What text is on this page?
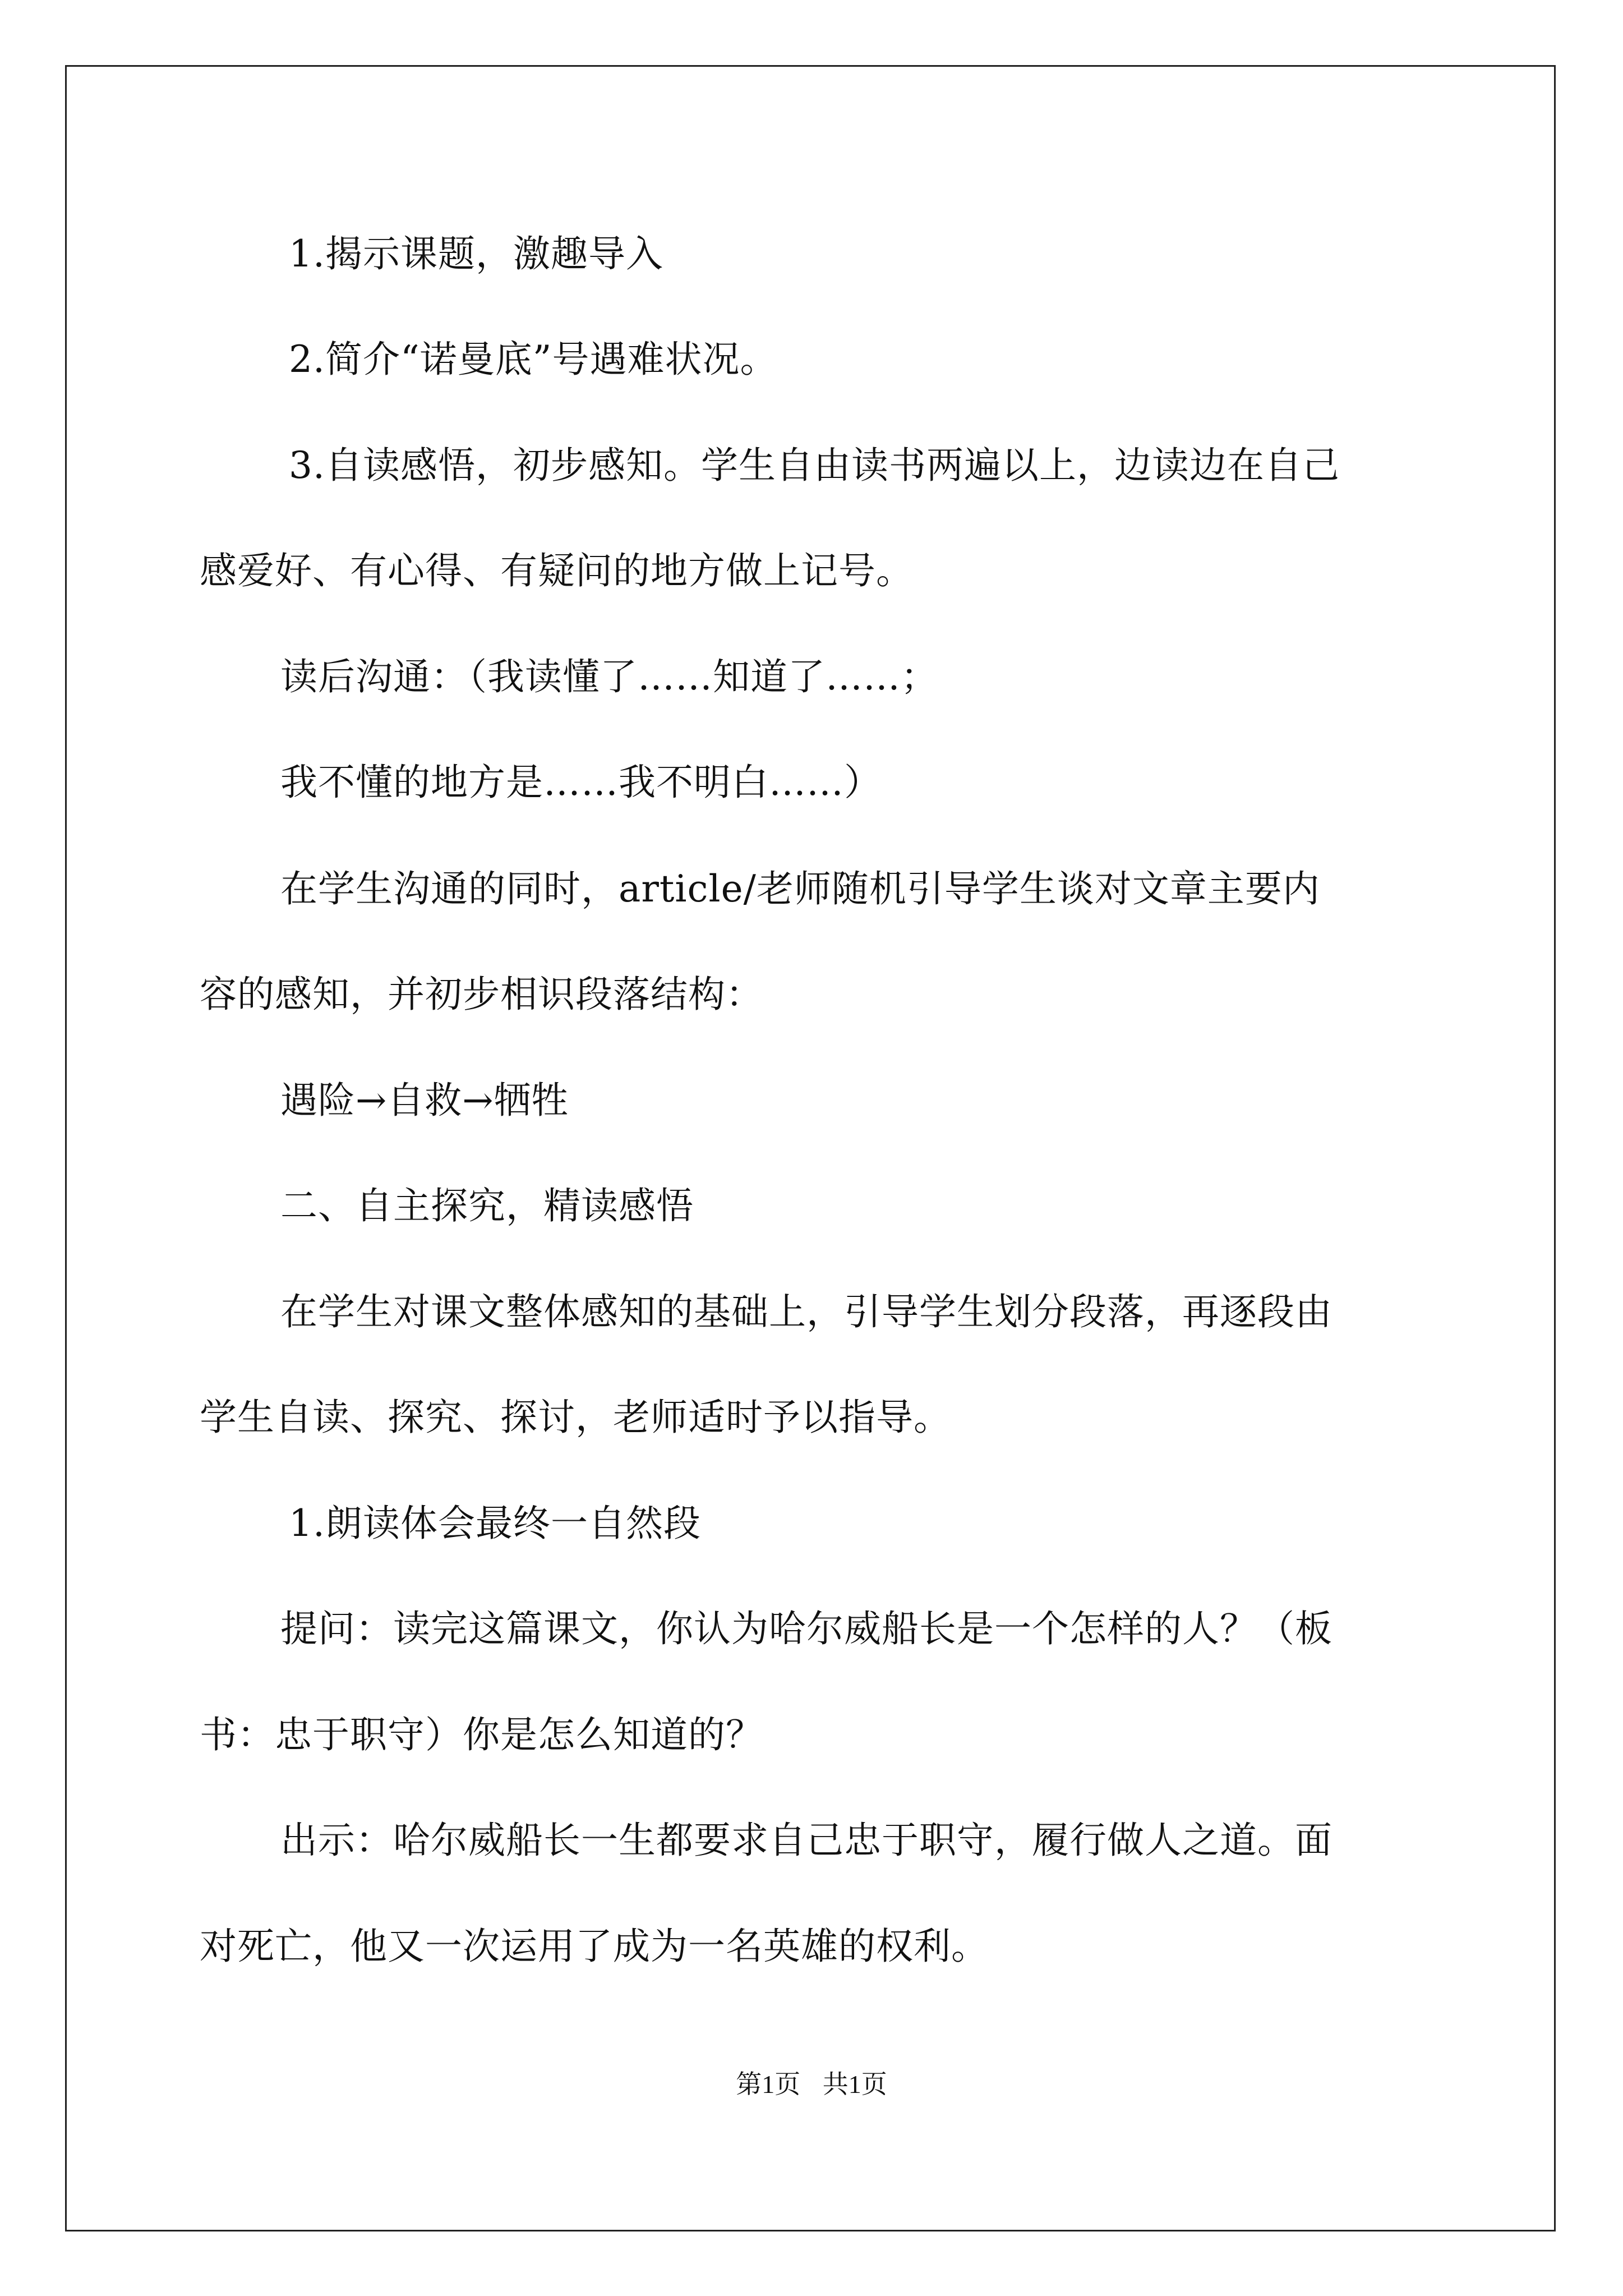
1.揭示课题，激趣导入
2.简介“诺曼底”号遇难状况。
3.自读感悟，初步感知。学生自由读书两遍以上，边读边在自己
感爱好、有心得、有疑问的地方做上记号。
读后沟通：（我读懂了……知道了……；
我不懂的地方是……我不明白……）
在学生沟通的同时，article/老师随机引导学生谈对文章主要内
容的感知，并初步相识段落结构：
遇险→自救→牺牲
二、自主探究，精读感悟
在学生对课文整体感知的基础上，引导学生划分段落，再逐段由
学生自读、探究、探讨，老师适时予以指导。
1.朗读体会最终一自然段
提问：读完这篇课文，你认为哈尔威船长是一个怎样的人？（板
书：忠于职守）你是怎么知道的？
出示：哈尔威船长一生都要求自己忠于职守，履行做人之道。面
对死亡，他又一次运用了成为一名英雄的权利。
第1页 共1页
